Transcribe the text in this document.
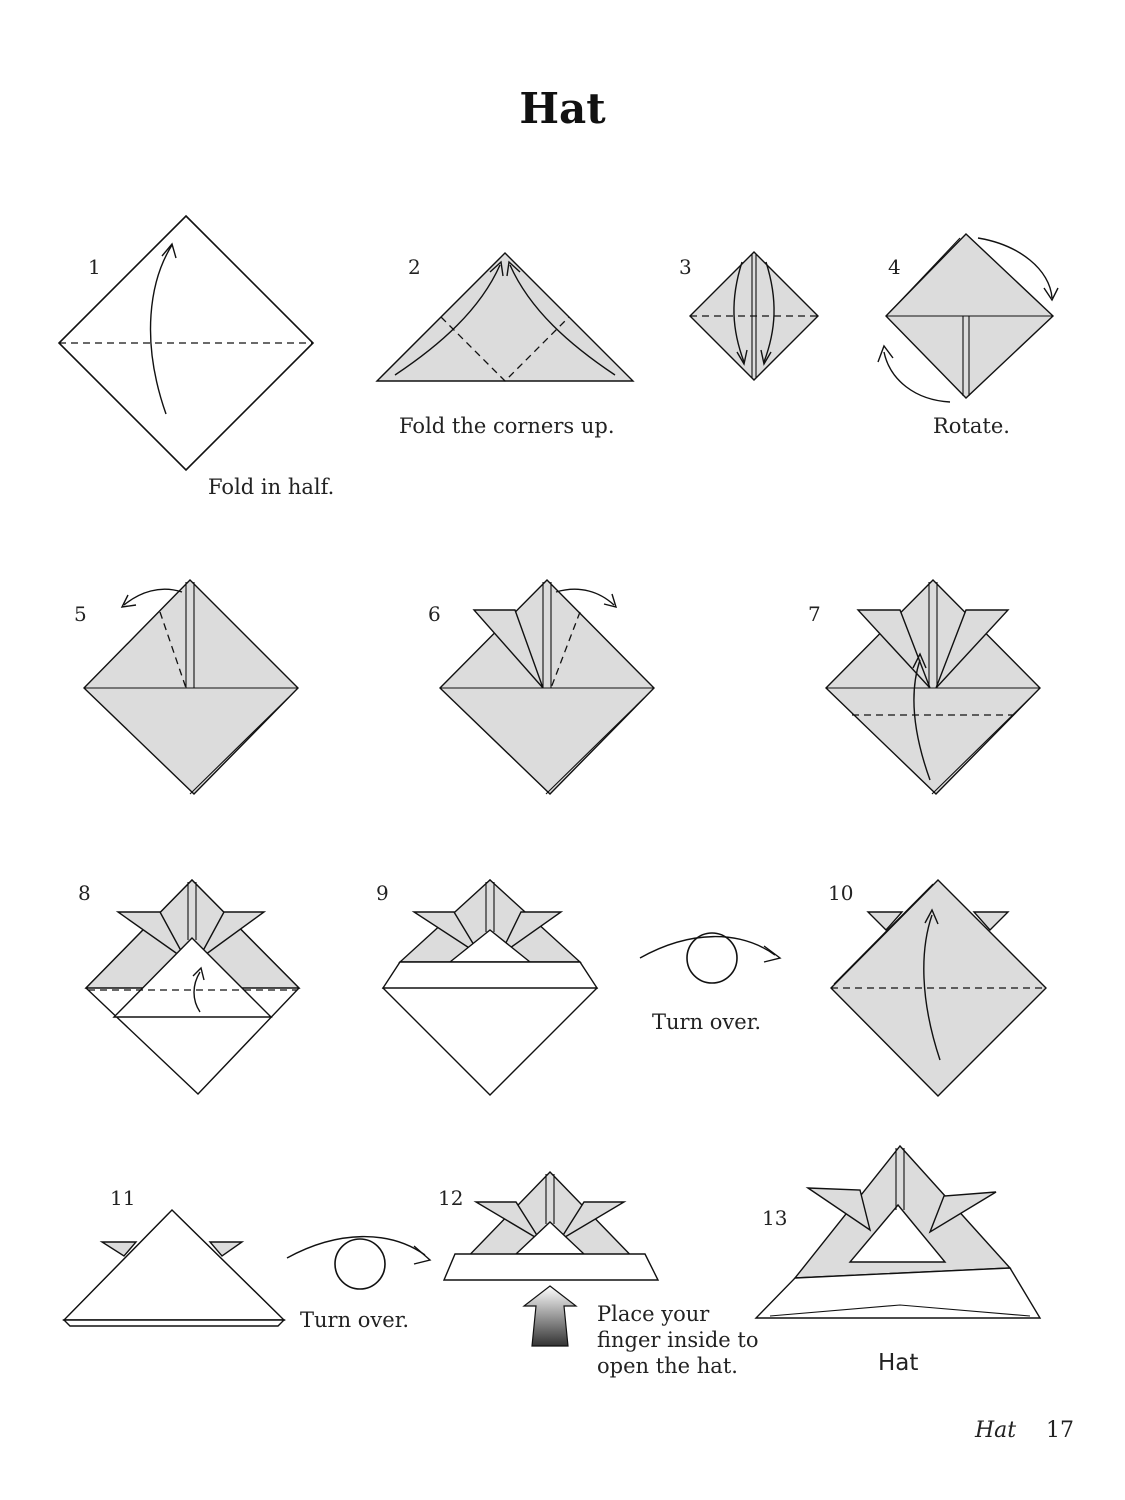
Hat
1	2	3	4
5	6	7
8	9	10
11	12
13
Fold in half.
Fold the corners up.	Rotate.
Turn over.
Turn over.	Place your
finger inside to
open the hat.	Hat
Hat 17
